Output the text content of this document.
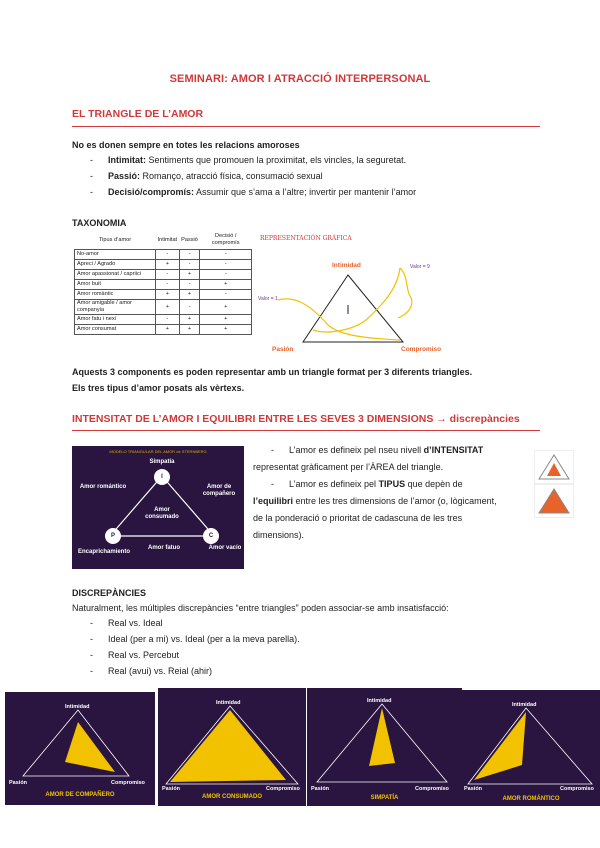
SEMINARI: AMOR I ATRACCIÓ INTERPERSONAL
EL TRIANGLE DE L’AMOR
No es donen sempre en totes les relacions amoroses
- Intimitat: Sentiments que promouen la proximitat, els vincles, la seguretat.
- Passió: Romanço, atracció física, consumació sexual
- Decisió/compromís: Assumir que s’ama a l’altre; invertir per mantenir l’amor
TAXONOMIA
Tipus d’amor	Intimitat	Passió	Decisió / compromís
No-amor	-	-	-
Apreci / Agrado	+	-	-
Amor apassionat / capriici	-	+	-
Amor buit	-	-	+
Amor romàntic	+	+	-
Amor amigable / amor companyia	+	-	+
Amor fatu i nexi	-	+	+
Amor consumat	+	+	+
REPRESENTACIÓN GRÁFICA
Intimidad
Pasión	Compromiso
Valor = 9
Valor = 1
Aquests 3 components es poden representar amb un triangle format per 3 diferents triangles.
Els tres tipus d’amor posats als vèrtexs.
INTENSITAT DE L’AMOR I EQUILIBRI ENTRE LES SEVES 3 DIMENSIONS → discrepàncies
MODELO TRIANGULAR DEL AMOR de STERNBERG
I
P	C
Simpatía
Amor romántico	Amor de compañero
Amor consumado
Encaprichamiento
Amor fatuo	Amor vacío
- L’amor es defineix pel nseu nivell d’INTENSITAT
representat gràficament per l’ÀREA del triangle.
- L’amor es defineix pel TIPUS que depèn de
l’equilibri entre les tres dimensions de l’amor (o, lògicament,
de la ponderació o prioritat de cadascuna de les tres
dimensions).
DISCREPÀNCIES
Naturalment, les múltiples discrepàncies “entre triangles” poden associar-se amb insatisfacció:
- Real vs. Ideal
- Ideal (per a mi) vs. Ideal (per a la meva parella).
- Real vs. Percebut
- Real (avui) vs. Reial (ahir)
Intimidad
Pasión	Compromiso
AMOR DE COMPAÑERO
Intimidad
Pasión	Compromiso
AMOR CONSUMADO
Intimidad
Pasión	Compromiso
SIMPATÍA
Intimidad
Pasión	Compromiso
AMOR ROMÁNTICO
